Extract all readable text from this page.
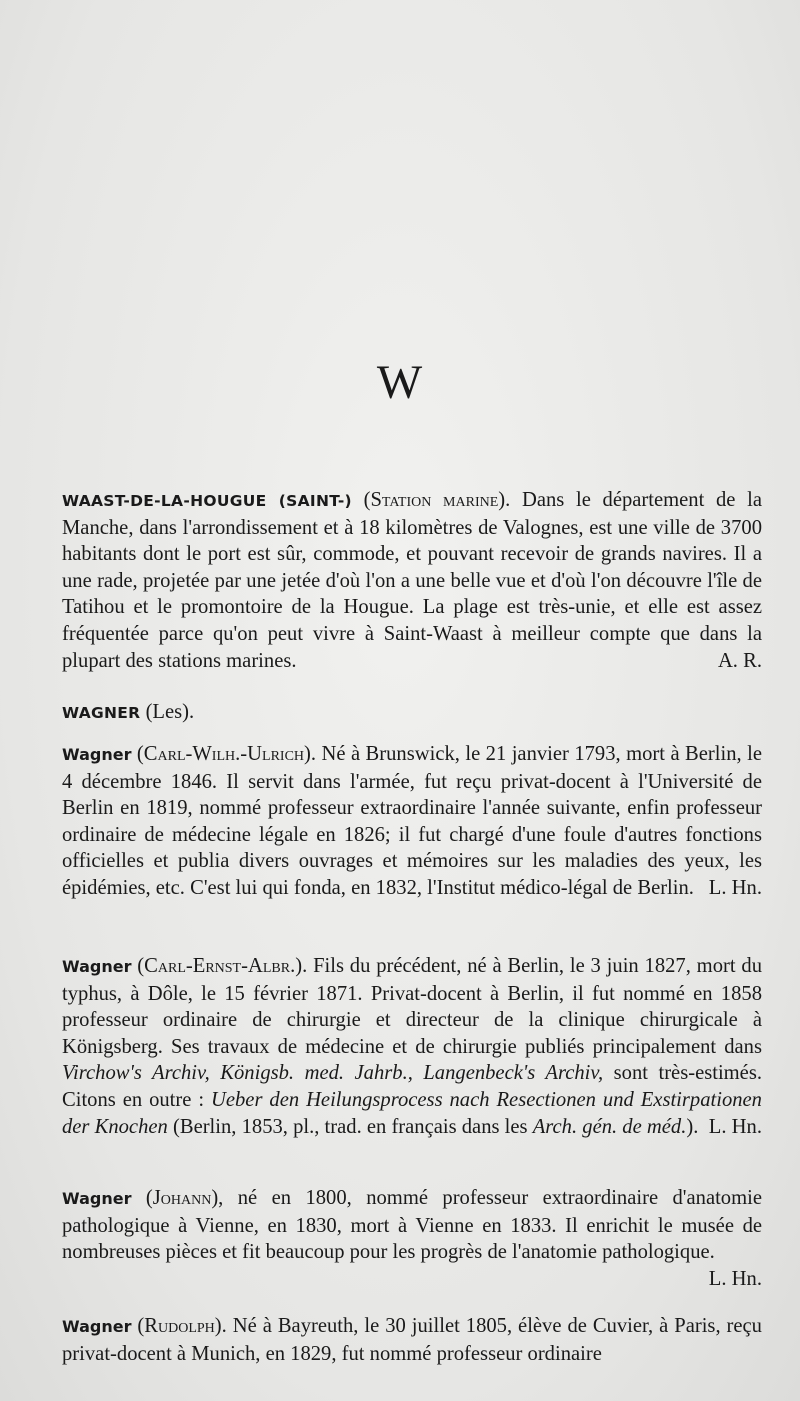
W

WAAST-DE-LA-HOUGUE (SAINT-) (Station marine). Dans le département de la Manche, dans l'arrondissement et à 18 kilomètres de Valognes, est une ville de 3700 habitants dont le port est sûr, commode, et pouvant recevoir de grands navires. Il a une rade, projetée par une jetée d'où l'on a une belle vue et d'où l'on découvre l'île de Tatihou et le promontoire de la Hougue. La plage est très-unie, et elle est assez fréquentée parce qu'on peut vivre à Saint-Waast à meilleur compte que dans la plupart des stations marines.	A. R.

WAGNER (Les).

Wagner (Carl-Wilh.-Ulrich). Né à Brunswick, le 21 janvier 1793, mort à Berlin, le 4 décembre 1846. Il servit dans l'armée, fut reçu privat-docent à l'Université de Berlin en 1819, nommé professeur extraordinaire l'année suivante, enfin professeur ordinaire de médecine légale en 1826; il fut chargé d'une foule d'autres fonctions officielles et publia divers ouvrages et mémoires sur les maladies des yeux, les épidémies, etc. C'est lui qui fonda, en 1832, l'Institut médico-légal de Berlin. L. Hn.

Wagner (Carl-Ernst-Albr.). Fils du précédent, né à Berlin, le 3 juin 1827, mort du typhus, à Dôle, le 15 février 1871. Privat-docent à Berlin, il fut nommé en 1858 professeur ordinaire de chirurgie et directeur de la clinique chirurgicale à Königsberg. Ses travaux de médecine et de chirurgie publiés principalement dans Virchow's Archiv, Königsb. med. Jahrb., Langenbeck's Archiv, sont très-estimés. Citons en outre : Ueber den Heilungsprocess nach Resectionen und Exstirpationen der Knochen (Berlin, 1853, pl., trad. en français dans les Arch. gén. de méd.). L. Hn.

Wagner (Johann), né en 1800, nommé professeur extraordinaire d'anatomie pathologique à Vienne, en 1830, mort à Vienne en 1833. Il enrichit le musée de nombreuses pièces et fit beaucoup pour les progrès de l'anatomie pathologique.
L. Hn.

Wagner (Rudolph). Né à Bayreuth, le 30 juillet 1805, élève de Cuvier, à Paris, reçu privat-docent à Munich, en 1829, fut nommé professeur ordinaire
